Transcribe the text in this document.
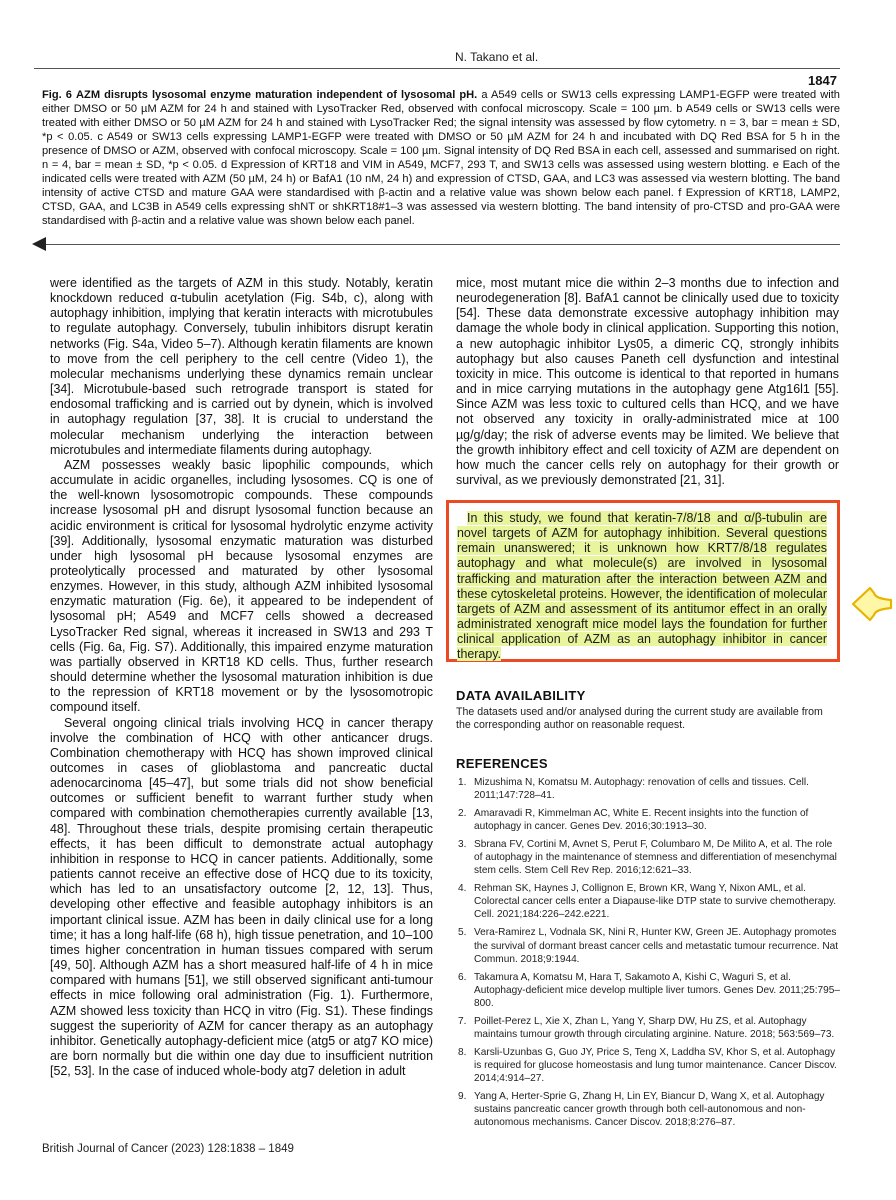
N. Takano et al.
1847
Fig. 6 AZM disrupts lysosomal enzyme maturation independent of lysosomal pH. a A549 cells or SW13 cells expressing LAMP1-EGFP were treated with either DMSO or 50 µM AZM for 24 h and stained with LysoTracker Red, observed with confocal microscopy. Scale = 100 µm. b A549 cells or SW13 cells were treated with either DMSO or 50 µM AZM for 24 h and stained with LysoTracker Red; the signal intensity was assessed by flow cytometry. n = 3, bar = mean ± SD, *p < 0.05. c A549 or SW13 cells expressing LAMP1-EGFP were treated with DMSO or 50 µM AZM for 24 h and incubated with DQ Red BSA for 5 h in the presence of DMSO or AZM, observed with confocal microscopy. Scale = 100 µm. Signal intensity of DQ Red BSA in each cell, assessed and summarised on right. n = 4, bar = mean ± SD, *p < 0.05. d Expression of KRT18 and VIM in A549, MCF7, 293 T, and SW13 cells was assessed using western blotting. e Each of the indicated cells were treated with AZM (50 µM, 24 h) or BafA1 (10 nM, 24 h) and expression of CTSD, GAA, and LC3 was assessed via western blotting. The band intensity of active CTSD and mature GAA were standardised with β-actin and a relative value was shown below each panel. f Expression of KRT18, LAMP2, CTSD, GAA, and LC3B in A549 cells expressing shNT or shKRT18#1–3 was assessed via western blotting. The band intensity of pro-CTSD and pro-GAA were standardised with β-actin and a relative value was shown below each panel.

were identified as the targets of AZM in this study. Notably, keratin knockdown reduced α-tubulin acetylation (Fig. S4b, c), along with autophagy inhibition, implying that keratin interacts with microtubules to regulate autophagy. Conversely, tubulin inhibitors disrupt keratin networks (Fig. S4a, Video 5–7). Although keratin filaments are known to move from the cell periphery to the cell centre (Video 1), the molecular mechanisms underlying these dynamics remain unclear [34]. Microtubule-based such retrograde transport is stated for endosomal trafficking and is carried out by dynein, which is involved in autophagy regulation [37, 38]. It is crucial to understand the molecular mechanism underlying the interaction between microtubules and intermediate filaments during autophagy.

AZM possesses weakly basic lipophilic compounds, which accumulate in acidic organelles, including lysosomes. CQ is one of the well-known lysosomotropic compounds. These compounds increase lysosomal pH and disrupt lysosomal function because an acidic environment is critical for lysosomal hydrolytic enzyme activity [39]. Additionally, lysosomal enzymatic maturation was disturbed under high lysosomal pH because lysosomal enzymes are proteolytically processed and maturated by other lysosomal enzymes. However, in this study, although AZM inhibited lysosomal enzymatic maturation (Fig. 6e), it appeared to be independent of lysosomal pH; A549 and MCF7 cells showed a decreased LysoTracker Red signal, whereas it increased in SW13 and 293 T cells (Fig. 6a, Fig. S7). Additionally, this impaired enzyme maturation was partially observed in KRT18 KD cells. Thus, further research should determine whether the lysosomal maturation inhibition is due to the repression of KRT18 movement or by the lysosomotropic compound itself.

Several ongoing clinical trials involving HCQ in cancer therapy involve the combination of HCQ with other anticancer drugs. Combination chemotherapy with HCQ has shown improved clinical outcomes in cases of glioblastoma and pancreatic ductal adenocarcinoma [45–47], but some trials did not show beneficial outcomes or sufficient benefit to warrant further study when compared with combination chemotherapies currently available [13, 48]. Throughout these trials, despite promising certain therapeutic effects, it has been difficult to demonstrate actual autophagy inhibition in response to HCQ in cancer patients. Additionally, some patients cannot receive an effective dose of HCQ due to its toxicity, which has led to an unsatisfactory outcome [2, 12, 13]. Thus, developing other effective and feasible autophagy inhibitors is an important clinical issue. AZM has been in daily clinical use for a long time; it has a long half-life (68 h), high tissue penetration, and 10–100 times higher concentration in human tissues compared with serum [49, 50]. Although AZM has a short measured half-life of 4 h in mice compared with humans [51], we still observed significant anti-tumour effects in mice following oral administration (Fig. 1). Furthermore, AZM showed less toxicity than HCQ in vitro (Fig. S1). These findings suggest the superiority of AZM for cancer therapy as an autophagy inhibitor. Genetically autophagy-deficient mice (atg5 or atg7 KO mice) are born normally but die within one day due to insufficient nutrition [52, 53]. In the case of induced whole-body atg7 deletion in adult

mice, most mutant mice die within 2–3 months due to infection and neurodegeneration [8]. BafA1 cannot be clinically used due to toxicity [54]. These data demonstrate excessive autophagy inhibition may damage the whole body in clinical application. Supporting this notion, a new autophagic inhibitor Lys05, a dimeric CQ, strongly inhibits autophagy but also causes Paneth cell dysfunction and intestinal toxicity in mice. This outcome is identical to that reported in humans and in mice carrying mutations in the autophagy gene Atg16l1 [55]. Since AZM was less toxic to cultured cells than HCQ, and we have not observed any toxicity in orally-administrated mice at 100 µg/g/day; the risk of adverse events may be limited. We believe that the growth inhibitory effect and cell toxicity of AZM are dependent on how much the cancer cells rely on autophagy for their growth or survival, as we previously demonstrated [21, 31].

In this study, we found that keratin-7/8/18 and α/β-tubulin are novel targets of AZM for autophagy inhibition. Several questions remain unanswered; it is unknown how KRT7/8/18 regulates autophagy and what molecule(s) are involved in lysosomal trafficking and maturation after the interaction between AZM and these cytoskeletal proteins. However, the identification of molecular targets of AZM and assessment of its antitumor effect in an orally administrated xenograft mice model lays the foundation for further clinical application of AZM as an autophagy inhibitor in cancer therapy.

DATA AVAILABILITY
The datasets used and/or analysed during the current study are available from the corresponding author on reasonable request.
REFERENCES
1. Mizushima N, Komatsu M. Autophagy: renovation of cells and tissues. Cell. 2011;147:728–41.
2. Amaravadi R, Kimmelman AC, White E. Recent insights into the function of autophagy in cancer. Genes Dev. 2016;30:1913–30.
3. Sbrana FV, Cortini M, Avnet S, Perut F, Columbaro M, De Milito A, et al. The role of autophagy in the maintenance of stemness and differentiation of mesenchymal stem cells. Stem Cell Rev Rep. 2016;12:621–33.
4. Rehman SK, Haynes J, Collignon E, Brown KR, Wang Y, Nixon AML, et al. Colorectal cancer cells enter a Diapause-like DTP state to survive chemotherapy. Cell. 2021;184:226–242.e221.
5. Vera-Ramirez L, Vodnala SK, Nini R, Hunter KW, Green JE. Autophagy promotes the survival of dormant breast cancer cells and metastatic tumour recurrence. Nat Commun. 2018;9:1944.
6. Takamura A, Komatsu M, Hara T, Sakamoto A, Kishi C, Waguri S, et al. Autophagy-deficient mice develop multiple liver tumors. Genes Dev. 2011;25:795–800.
7. Poillet-Perez L, Xie X, Zhan L, Yang Y, Sharp DW, Hu ZS, et al. Autophagy maintains tumour growth through circulating arginine. Nature. 2018; 563:569–73.
8. Karsli-Uzunbas G, Guo JY, Price S, Teng X, Laddha SV, Khor S, et al. Autophagy is required for glucose homeostasis and lung tumor maintenance. Cancer Discov. 2014;4:914–27.
9. Yang A, Herter-Sprie G, Zhang H, Lin EY, Biancur D, Wang X, et al. Autophagy sustains pancreatic cancer growth through both cell-autonomous and non-autonomous mechanisms. Cancer Discov. 2018;8:276–87.
British Journal of Cancer (2023) 128:1838 – 1849
